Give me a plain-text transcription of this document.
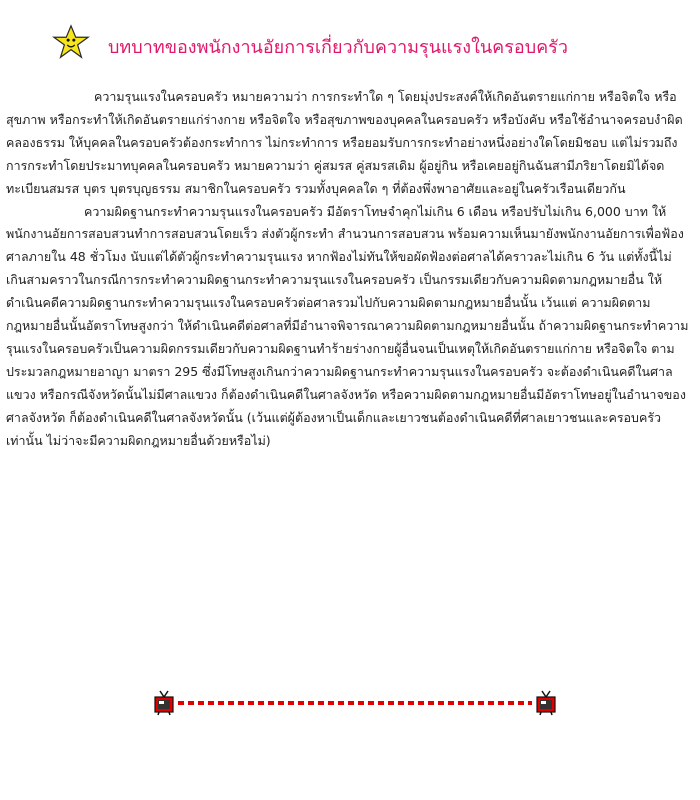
บทบาทของพนักงานอัยการเกี่ยวกับความรุนแรงในครอบครัว

ความรุนแรงในครอบครัว หมายความว่า การกระทำใด ๆ โดยมุ่งประสงค์ให้เกิดอันตรายแก่กาย หรือจิตใจ หรือสุขภาพ หรือกระทำให้เกิดอันตรายแก่ร่างกาย หรือจิตใจ หรือสุขภาพของบุคคลในครอบครัว หรือบังคับ หรือใช้อำนาจครอบงำผิดคลองธรรม ให้บุคคลในครอบครัวต้องกระทำการ ไม่กระทำการ หรือยอมรับการกระทำอย่างหนึ่งอย่างใดโดยมิชอบ แต่ไม่รวมถึงการกระทำโดยประมาทบุคคลในครอบครัว หมายความว่า คู่สมรส คู่สมรสเดิม ผู้อยู่กิน หรือเคยอยู่กินฉันสามีภริยาโดยมิได้จดทะเบียนสมรส บุตร บุตรบุญธรรม สมาชิกในครอบครัว รวมทั้งบุคคลใด ๆ ที่ต้องพึ่งพาอาศัยและอยู่ในครัวเรือนเดียวกัน

ความผิดฐานกระทำความรุนแรงในครอบครัว มีอัตราโทษจำคุกไม่เกิน 6 เดือน หรือปรับไม่เกิน 6,000 บาท ให้พนักงานอัยการสอบสวนทำการสอบสวนโดยเร็ว ส่งตัวผู้กระทำ สำนวนการสอบสวน พร้อมความเห็นมายังพนักงานอัยการเพื่อฟ้องศาลภายใน 48 ชั่วโมง นับแต่ได้ตัวผู้กระทำความรุนแรง หากฟ้องไม่ทันให้ขอผัดฟ้องต่อศาลได้คราวละไม่เกิน 6 วัน แต่ทั้งนี้ไม่เกินสามคราวในกรณีการกระทำความผิดฐานกระทำความรุนแรงในครอบครัว เป็นกรรมเดียวกับความผิดตามกฎหมายอื่น ให้ดำเนินคดีความผิดฐานกระทำความรุนแรงในครอบครัวต่อศาลรวมไปกับความผิดตามกฎหมายอื่นนั้น เว้นแต่ ความผิดตามกฎหมายอื่นนั้นอัตราโทษสูงกว่า ให้ดำเนินคดีต่อศาลที่มีอำนาจพิจารณาความผิดตามกฎหมายอื่นนั้น ถ้าความผิดฐานกระทำความรุนแรงในครอบครัวเป็นความผิดกรรมเดียวกับความผิดฐานทำร้ายร่างกายผู้อื่นจนเป็นเหตุให้เกิดอันตรายแก่กาย หรือจิตใจ ตามประมวลกฎหมายอาญา มาตรา 295 ซึ่งมีโทษสูงเกินกว่าความผิดฐานกระทำความรุนแรงในครอบครัว จะต้องดำเนินคดีในศาลแขวง หรือกรณีจังหวัดนั้นไม่มีศาลแขวง ก็ต้องดำเนินคดีในศาลจังหวัด หรือความผิดตามกฎหมายอื่นมีอัตราโทษอยู่ในอำนาจของศาลจังหวัด ก็ต้องดำเนินคดีในศาลจังหวัดนั้น (เว้นแต่ผู้ต้องหาเป็นเด็กและเยาวชนต้องดำเนินคดีที่ศาลเยาวชนและครอบครัวเท่านั้น ไม่ว่าจะมีความผิดกฎหมายอื่นด้วยหรือไม่)
